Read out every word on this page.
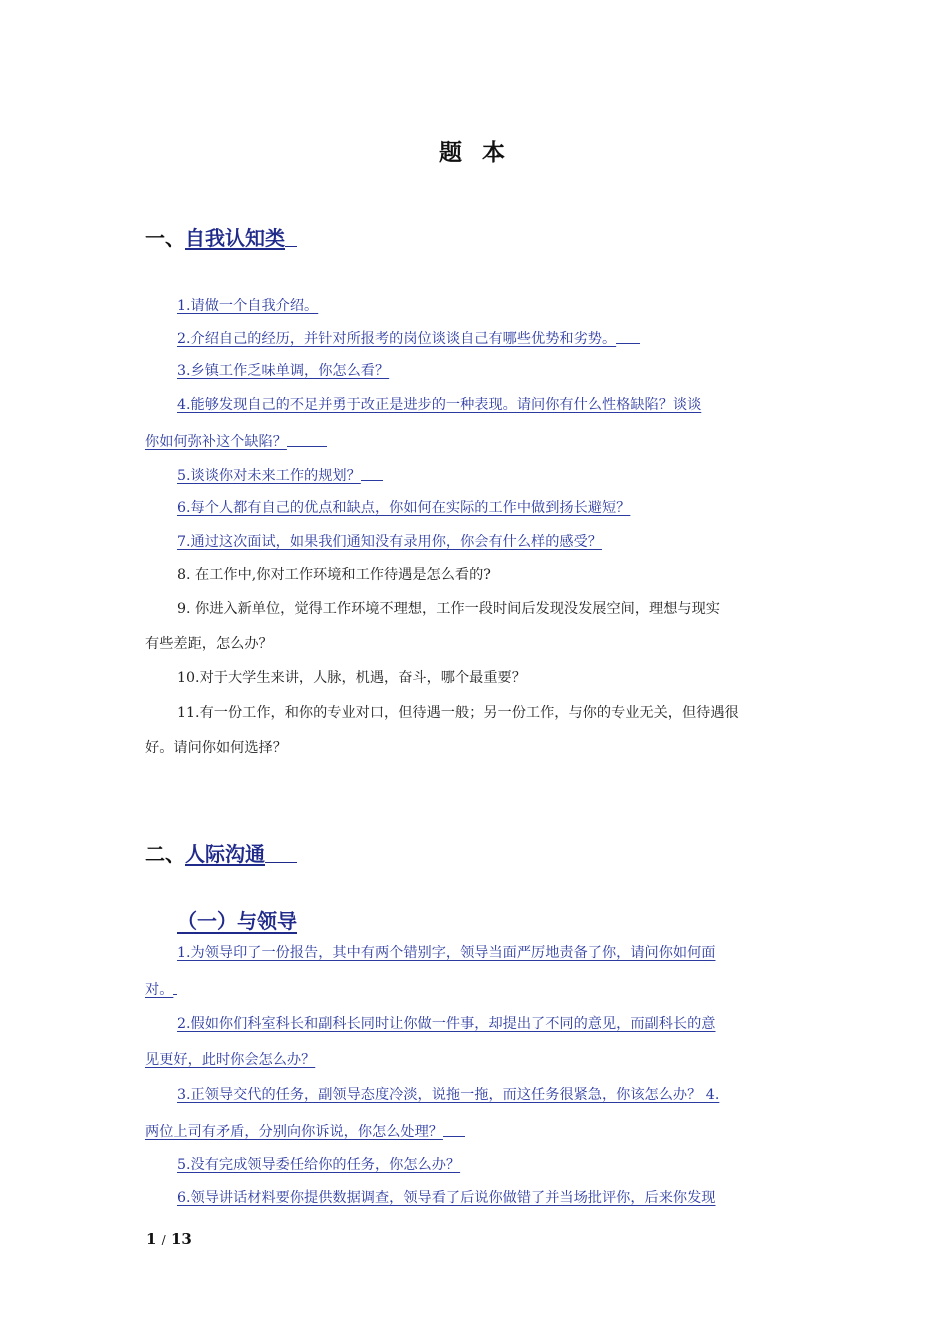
题 本
一、自我认知类
1.请做一个自我介绍。
2.介绍自己的经历，并针对所报考的岗位谈谈自己有哪些优势和劣势。
3.乡镇工作乏味单调，你怎么看？
4.能够发现自己的不足并勇于改正是进步的一种表现。请问你有什么性格缺陷？谈谈
你如何弥补这个缺陷？
5.谈谈你对未来工作的规划？
6.每个人都有自己的优点和缺点，你如何在实际的工作中做到扬长避短？
7.通过这次面试，如果我们通知没有录用你，你会有什么样的感受？
8. 在工作中,你对工作环境和工作待遇是怎么看的?
9. 你进入新单位，觉得工作环境不理想，工作一段时间后发现没发展空间，理想与现实
有些差距，怎么办？
10.对于大学生来讲，人脉，机遇，奋斗，哪个最重要？
11.有一份工作，和你的专业对口，但待遇一般；另一份工作，与你的专业无关，但待遇很
好。请问你如何选择？
二、人际沟通
（一）与领导
1.为领导印了一份报告，其中有两个错别字，领导当面严厉地责备了你，请问你如何面
对。
2.假如你们科室科长和副科长同时让你做一件事，却提出了不同的意见，而副科长的意
见更好，此时你会怎么办？
3.正领导交代的任务，副领导态度冷淡，说拖一拖，而这任务很紧急，你该怎么办？ 4.
两位上司有矛盾，分别向你诉说，你怎么处理？
5.没有完成领导委任给你的任务，你怎么办？
6.领导讲话材料要你提供数据调查，领导看了后说你做错了并当场批评你，后来你发现
1 / 13
